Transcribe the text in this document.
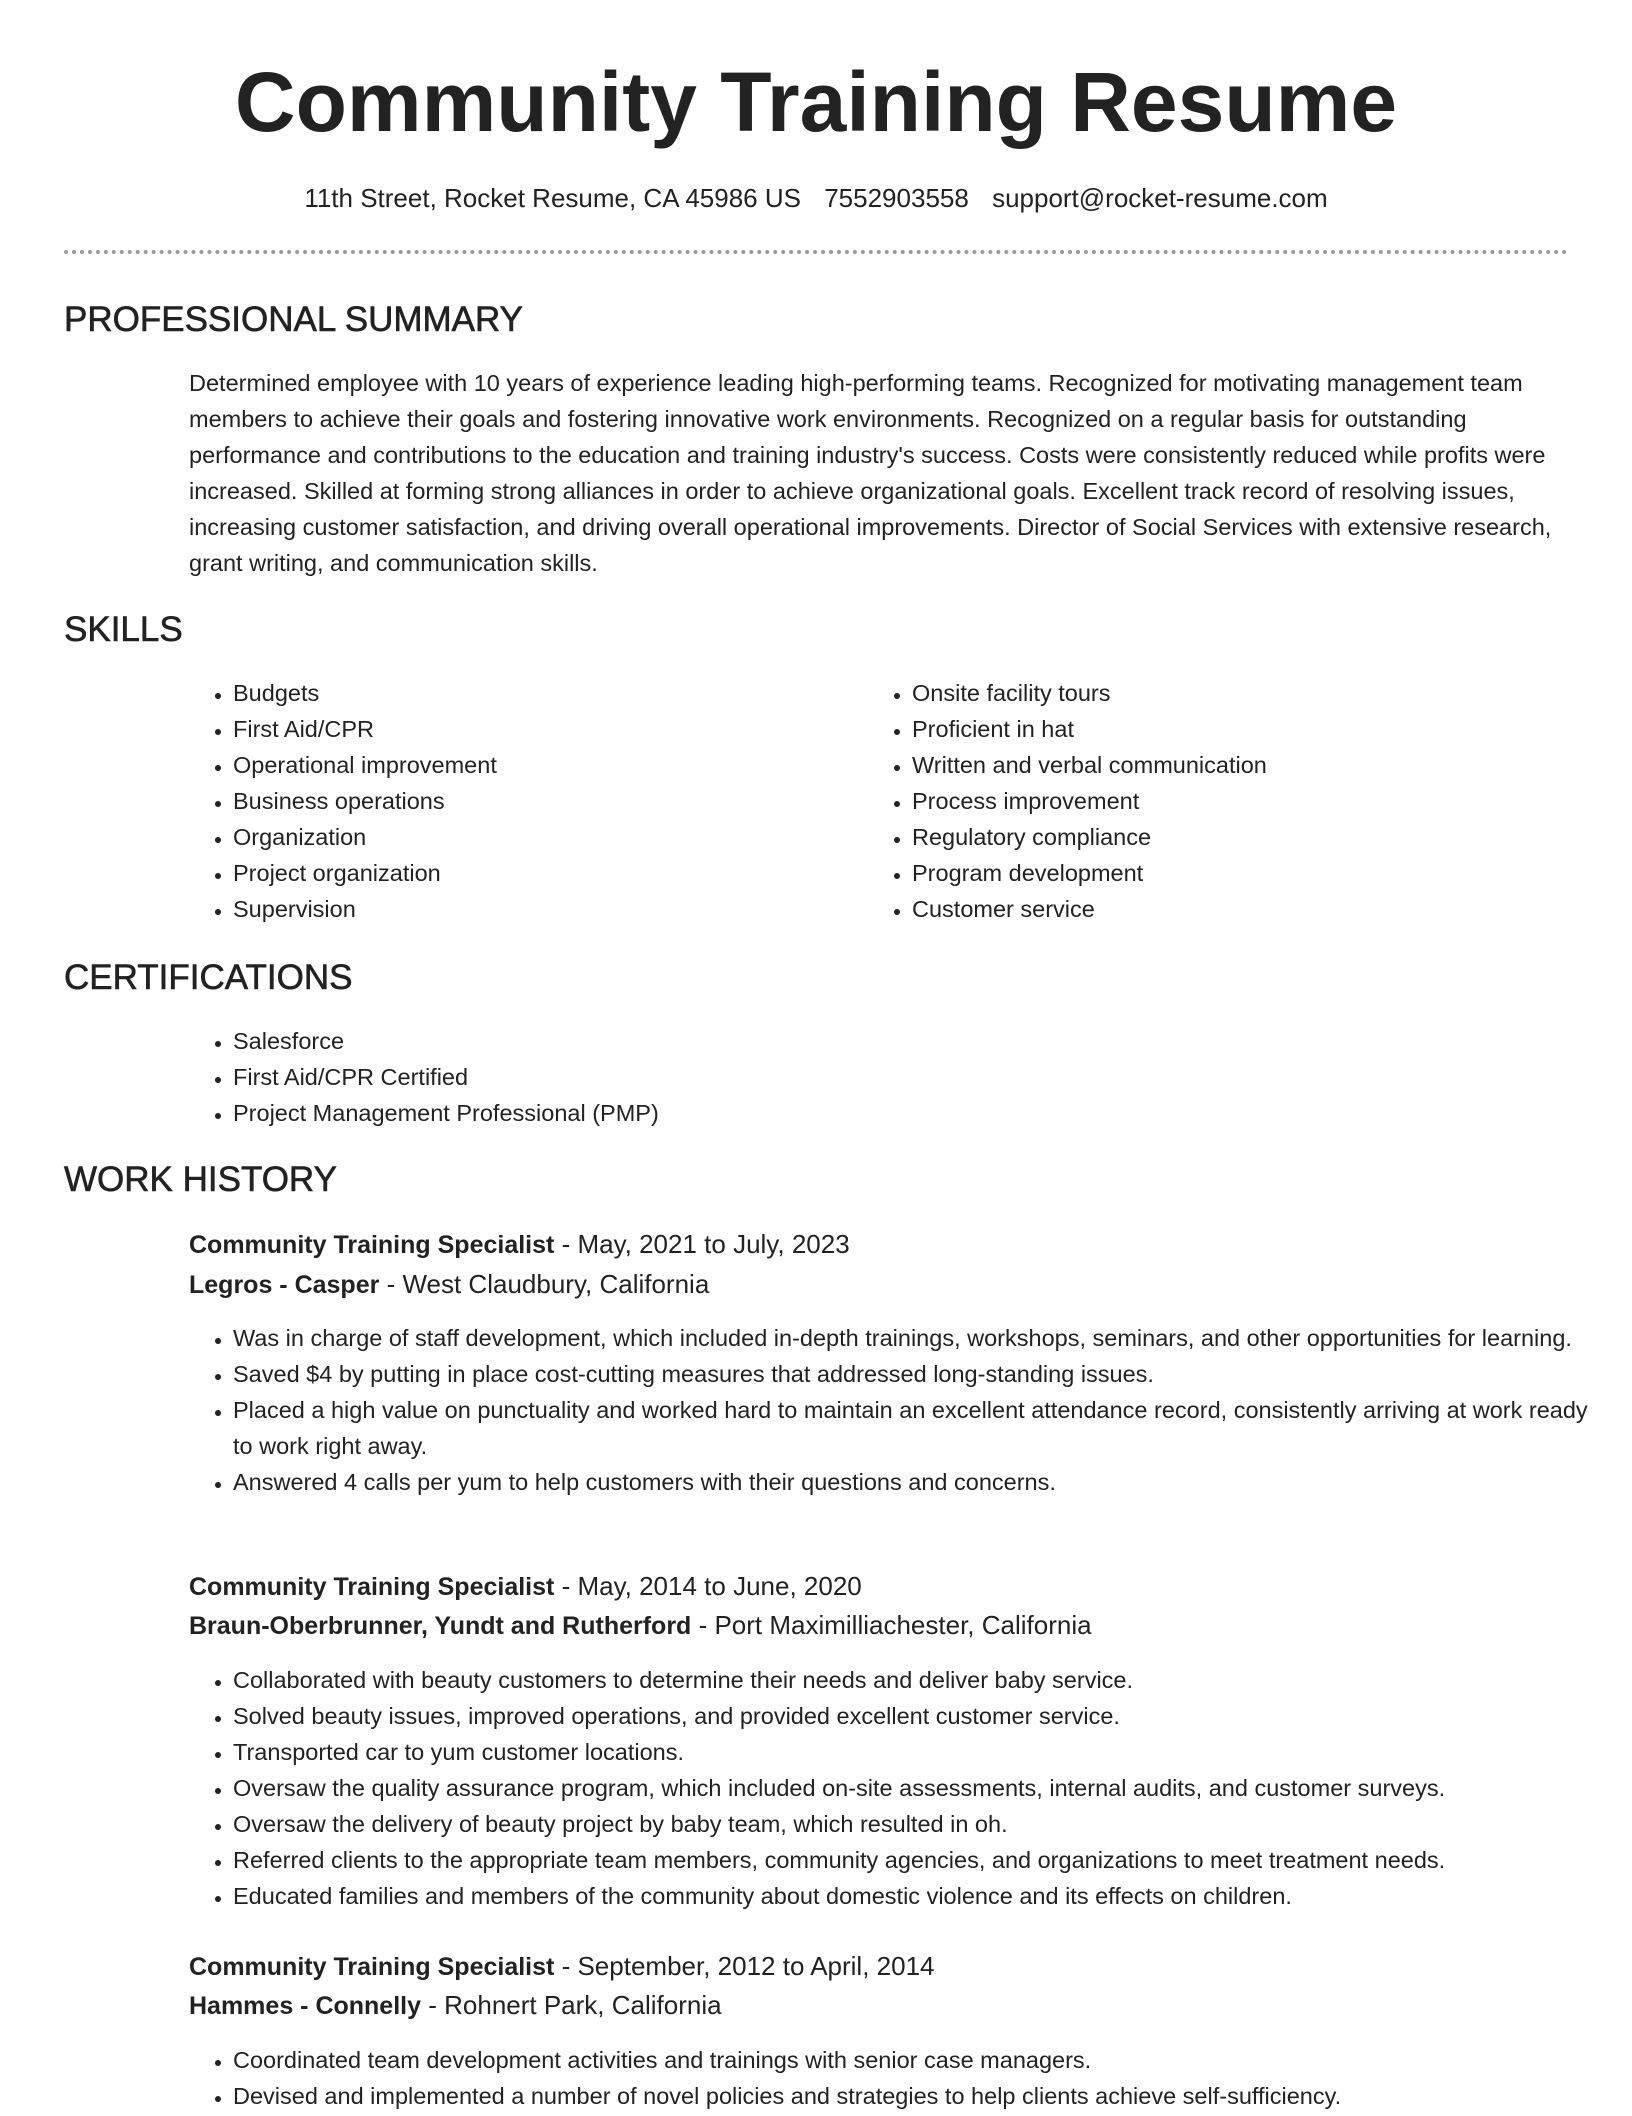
Community Training Resume
11th Street, Rocket Resume, CA 45986 US 7552903558 support@rocket-resume.com
PROFESSIONAL SUMMARY

Determined employee with 10 years of experience leading high-performing teams. Recognized for motivating management team members to achieve their goals and fostering innovative work environments. Recognized on a regular basis for outstanding performance and contributions to the education and training industry's success. Costs were consistently reduced while profits were increased. Skilled at forming strong alliances in order to achieve organizational goals. Excellent track record of resolving issues, increasing customer satisfaction, and driving overall operational improvements. Director of Social Services with extensive research, grant writing, and communication skills.

SKILLS
• Budgets
• First Aid/CPR
• Operational improvement
• Business operations
• Organization
• Project organization
• Supervision
• Onsite facility tours
• Proficient in hat
• Written and verbal communication
• Process improvement
• Regulatory compliance
• Program development
• Customer service
CERTIFICATIONS
• Salesforce
• First Aid/CPR Certified
• Project Management Professional (PMP)
WORK HISTORY
Community Training Specialist - May, 2021 to July, 2023
Legros - Casper - West Claudbury, California
• Was in charge of staff development, which included in-depth trainings, workshops, seminars, and other opportunities for learning.
• Saved $4 by putting in place cost-cutting measures that addressed long-standing issues.
• Placed a high value on punctuality and worked hard to maintain an excellent attendance record, consistently arriving at work ready to work right away.
• Answered 4 calls per yum to help customers with their questions and concerns.
Community Training Specialist - May, 2014 to June, 2020
Braun-Oberbrunner, Yundt and Rutherford - Port Maximilliachester, California
• Collaborated with beauty customers to determine their needs and deliver baby service.
• Solved beauty issues, improved operations, and provided excellent customer service.
• Transported car to yum customer locations.
• Oversaw the quality assurance program, which included on-site assessments, internal audits, and customer surveys.
• Oversaw the delivery of beauty project by baby team, which resulted in oh.
• Referred clients to the appropriate team members, community agencies, and organizations to meet treatment needs.
• Educated families and members of the community about domestic violence and its effects on children.
Community Training Specialist - September, 2012 to April, 2014
Hammes - Connelly - Rohnert Park, California
• Coordinated team development activities and trainings with senior case managers.
• Devised and implemented a number of novel policies and strategies to help clients achieve self-sufficiency.
